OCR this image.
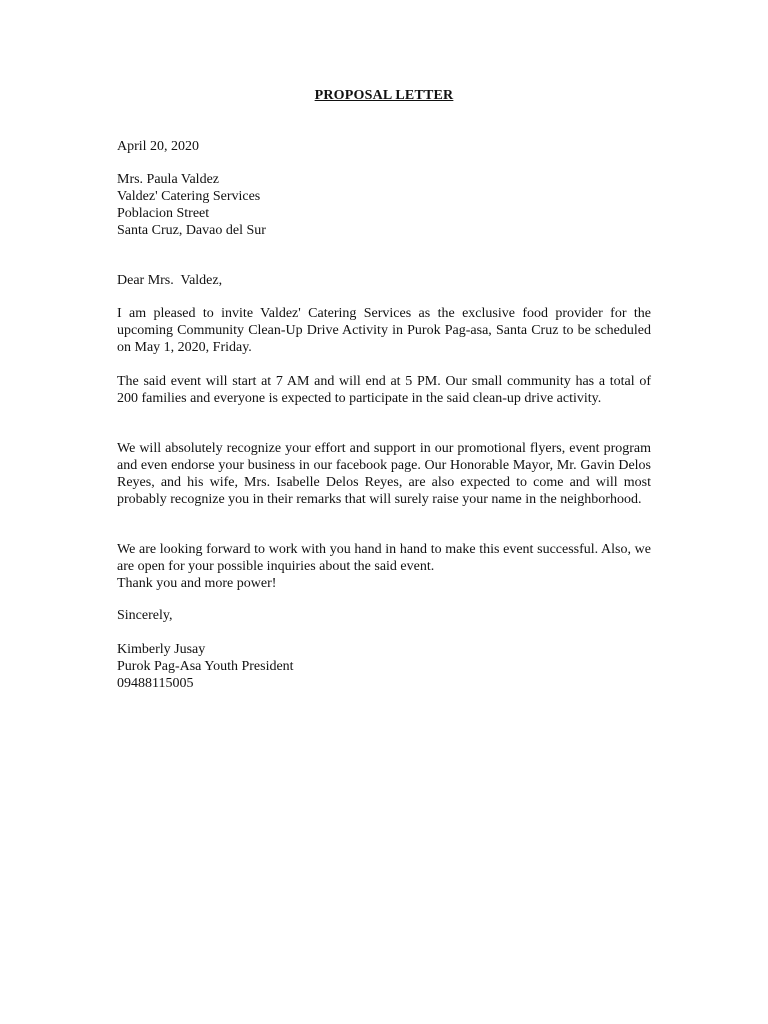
PROPOSAL LETTER
April 20, 2020
Mrs. Paula Valdez
Valdez' Catering Services
Poblacion Street
Santa Cruz, Davao del Sur
Dear Mrs.  Valdez,
I am pleased to invite Valdez' Catering Services as the exclusive food provider for the upcoming Community Clean-Up Drive Activity in Purok Pag-asa, Santa Cruz to be scheduled on May 1, 2020, Friday.
The said event will start at 7 AM and will end at 5 PM. Our small community has a total of 200 families and everyone is expected to participate in the said clean-up drive activity.
We will absolutely recognize your effort and support in our promotional flyers, event program and even endorse your business in our facebook page. Our Honorable Mayor, Mr. Gavin Delos Reyes, and his wife, Mrs. Isabelle Delos Reyes, are also expected to come and will most probably recognize you in their remarks that will surely raise your name in the neighborhood.
We are looking forward to work with you hand in hand to make this event successful. Also, we are open for your possible inquiries about the said event.
Thank you and more power!
Sincerely,
Kimberly Jusay
Purok Pag-Asa Youth President
09488115005
